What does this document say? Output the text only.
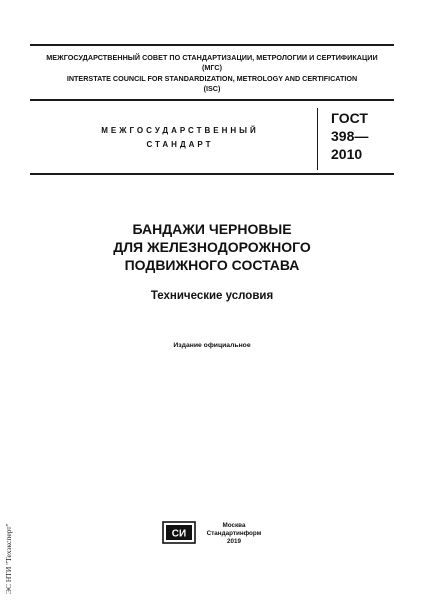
МЕЖГОСУДАРСТВЕННЫЙ СОВЕТ ПО СТАНДАРТИЗАЦИИ, МЕТРОЛОГИИ И СЕРТИФИКАЦИИ
(МГС)
INTERSTATE COUNCIL FOR STANDARDIZATION, METROLOGY AND CERTIFICATION
(ISC)
МЕЖГОСУДАРСТВЕННЫЙ
СТАНДАРТ
ГОСТ
398—
2010
БАНДАЖИ ЧЕРНОВЫЕ
ДЛЯ ЖЕЛЕЗНОДОРОЖНОГО
ПОДВИЖНОГО СОСТАВА
Технические условия
Издание официальное
СИ
Москва
Стандартинформ
2019
ЭС НТИ "Техэксперт"
